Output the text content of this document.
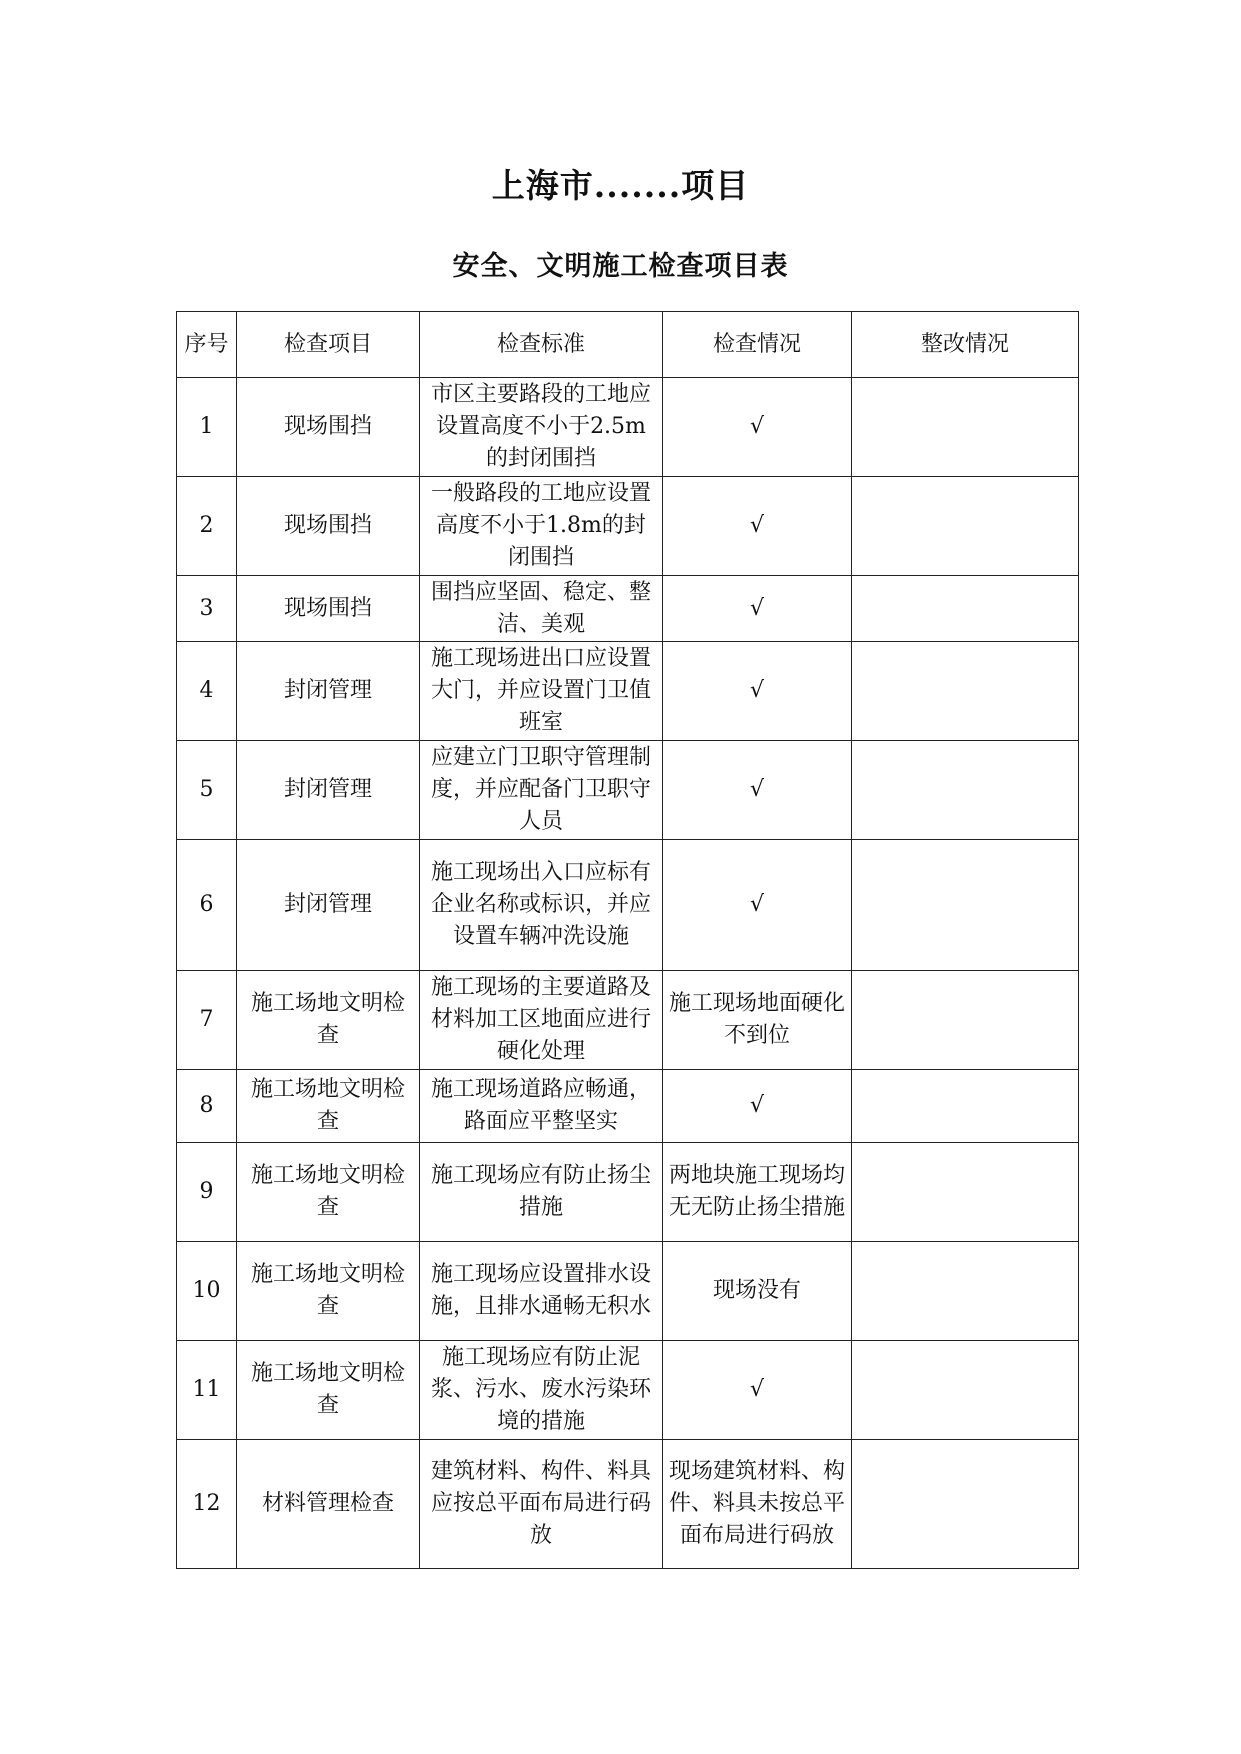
上海市.......项目
安全、文明施工检查项目表
序号	检查项目	检查标准	检查情况	整改情况
1	现场围挡	市区主要路段的工地应设置高度不小于2.5m的封闭围挡	√	
2	现场围挡	一般路段的工地应设置高度不小于1.8m的封闭围挡	√	
3	现场围挡	围挡应坚固、稳定、整洁、美观	√	
4	封闭管理	施工现场进出口应设置大门，并应设置门卫值班室	√	
5	封闭管理	应建立门卫职守管理制度，并应配备门卫职守人员	√	
6	封闭管理	施工现场出入口应标有企业名称或标识，并应设置车辆冲洗设施	√	
7	施工场地文明检查	施工现场的主要道路及材料加工区地面应进行硬化处理	施工现场地面硬化不到位	
8	施工场地文明检查	施工现场道路应畅通，路面应平整坚实	√	
9	施工场地文明检查	施工现场应有防止扬尘措施	两地块施工现场均无无防止扬尘措施	
10	施工场地文明检查	施工现场应设置排水设施，且排水通畅无积水	现场没有	
11	施工场地文明检查	施工现场应有防止泥浆、污水、废水污染环境的措施	√	
12	材料管理检查	建筑材料、构件、料具应按总平面布局进行码放	现场建筑材料、构件、料具未按总平面布局进行码放	
